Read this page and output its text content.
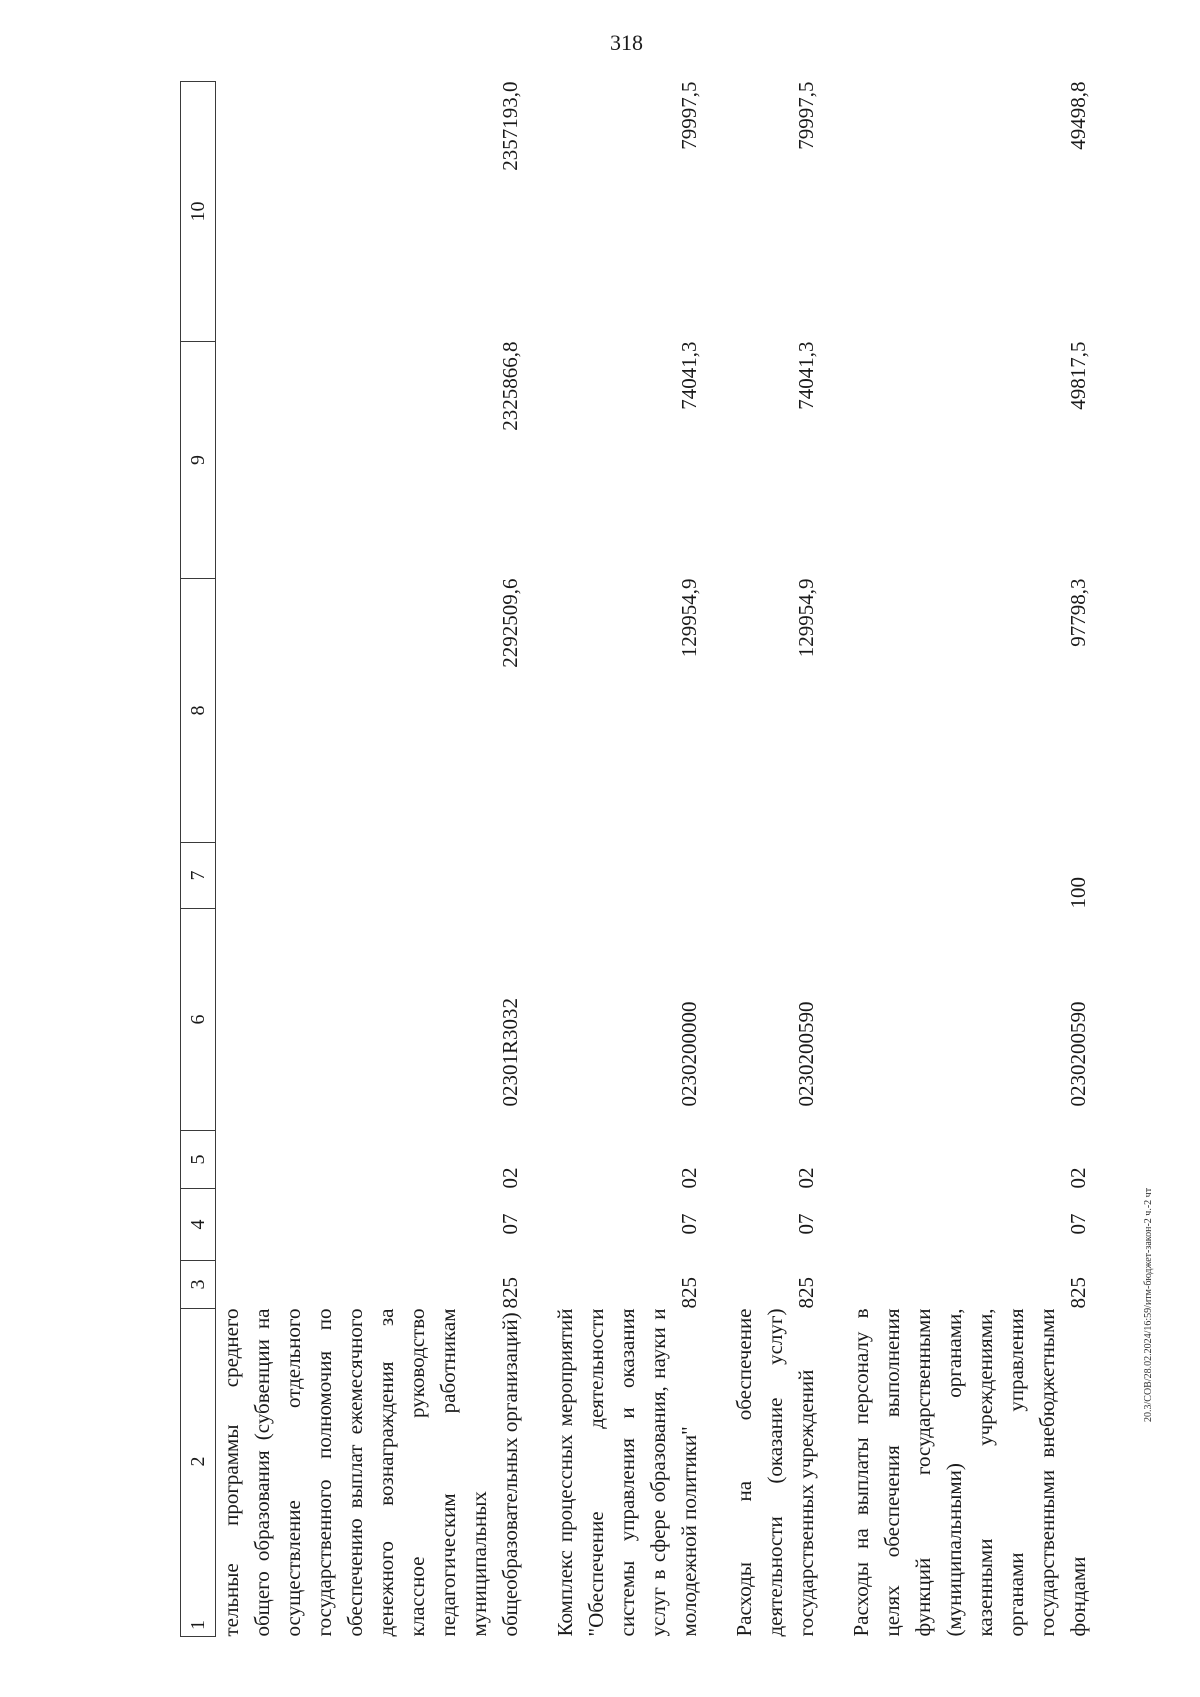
318
20.3/СОВ/28.02.2024/16:59/итм-бюджет-закон-2 ч.-2 чт
1
2	3	4	5	6	7	8	9	10
тельные программы среднего общего образования (субвенции на осуществление отдельного государственного полномочия по обеспечению выплат ежемесячного денежного вознаграждения за классное руководство педагогическим работникам муниципальных общеобразовательных организаций)	825	07	02	02301R3032		2292509,6	2325866,8	2357193,0
Комплекс процессных мероприятий "Обеспечение деятельности системы управления и оказания услуг в сфере образования, науки и молодежной политики"	825	07	02	0230200000		129954,9	74041,3	79997,5
Расходы на обеспечение деятельности (оказание услуг) государственных учреждений	825	07	02	0230200590		129954,9	74041,3	79997,5
Расходы на выплаты персоналу в целях обеспечения выполнения функций государственными (муниципальными) органами, казенными учреждениями, органами управления государственными внебюджетными фондами	825	07	02	0230200590	100	97798,3	49817,5	49498,8
